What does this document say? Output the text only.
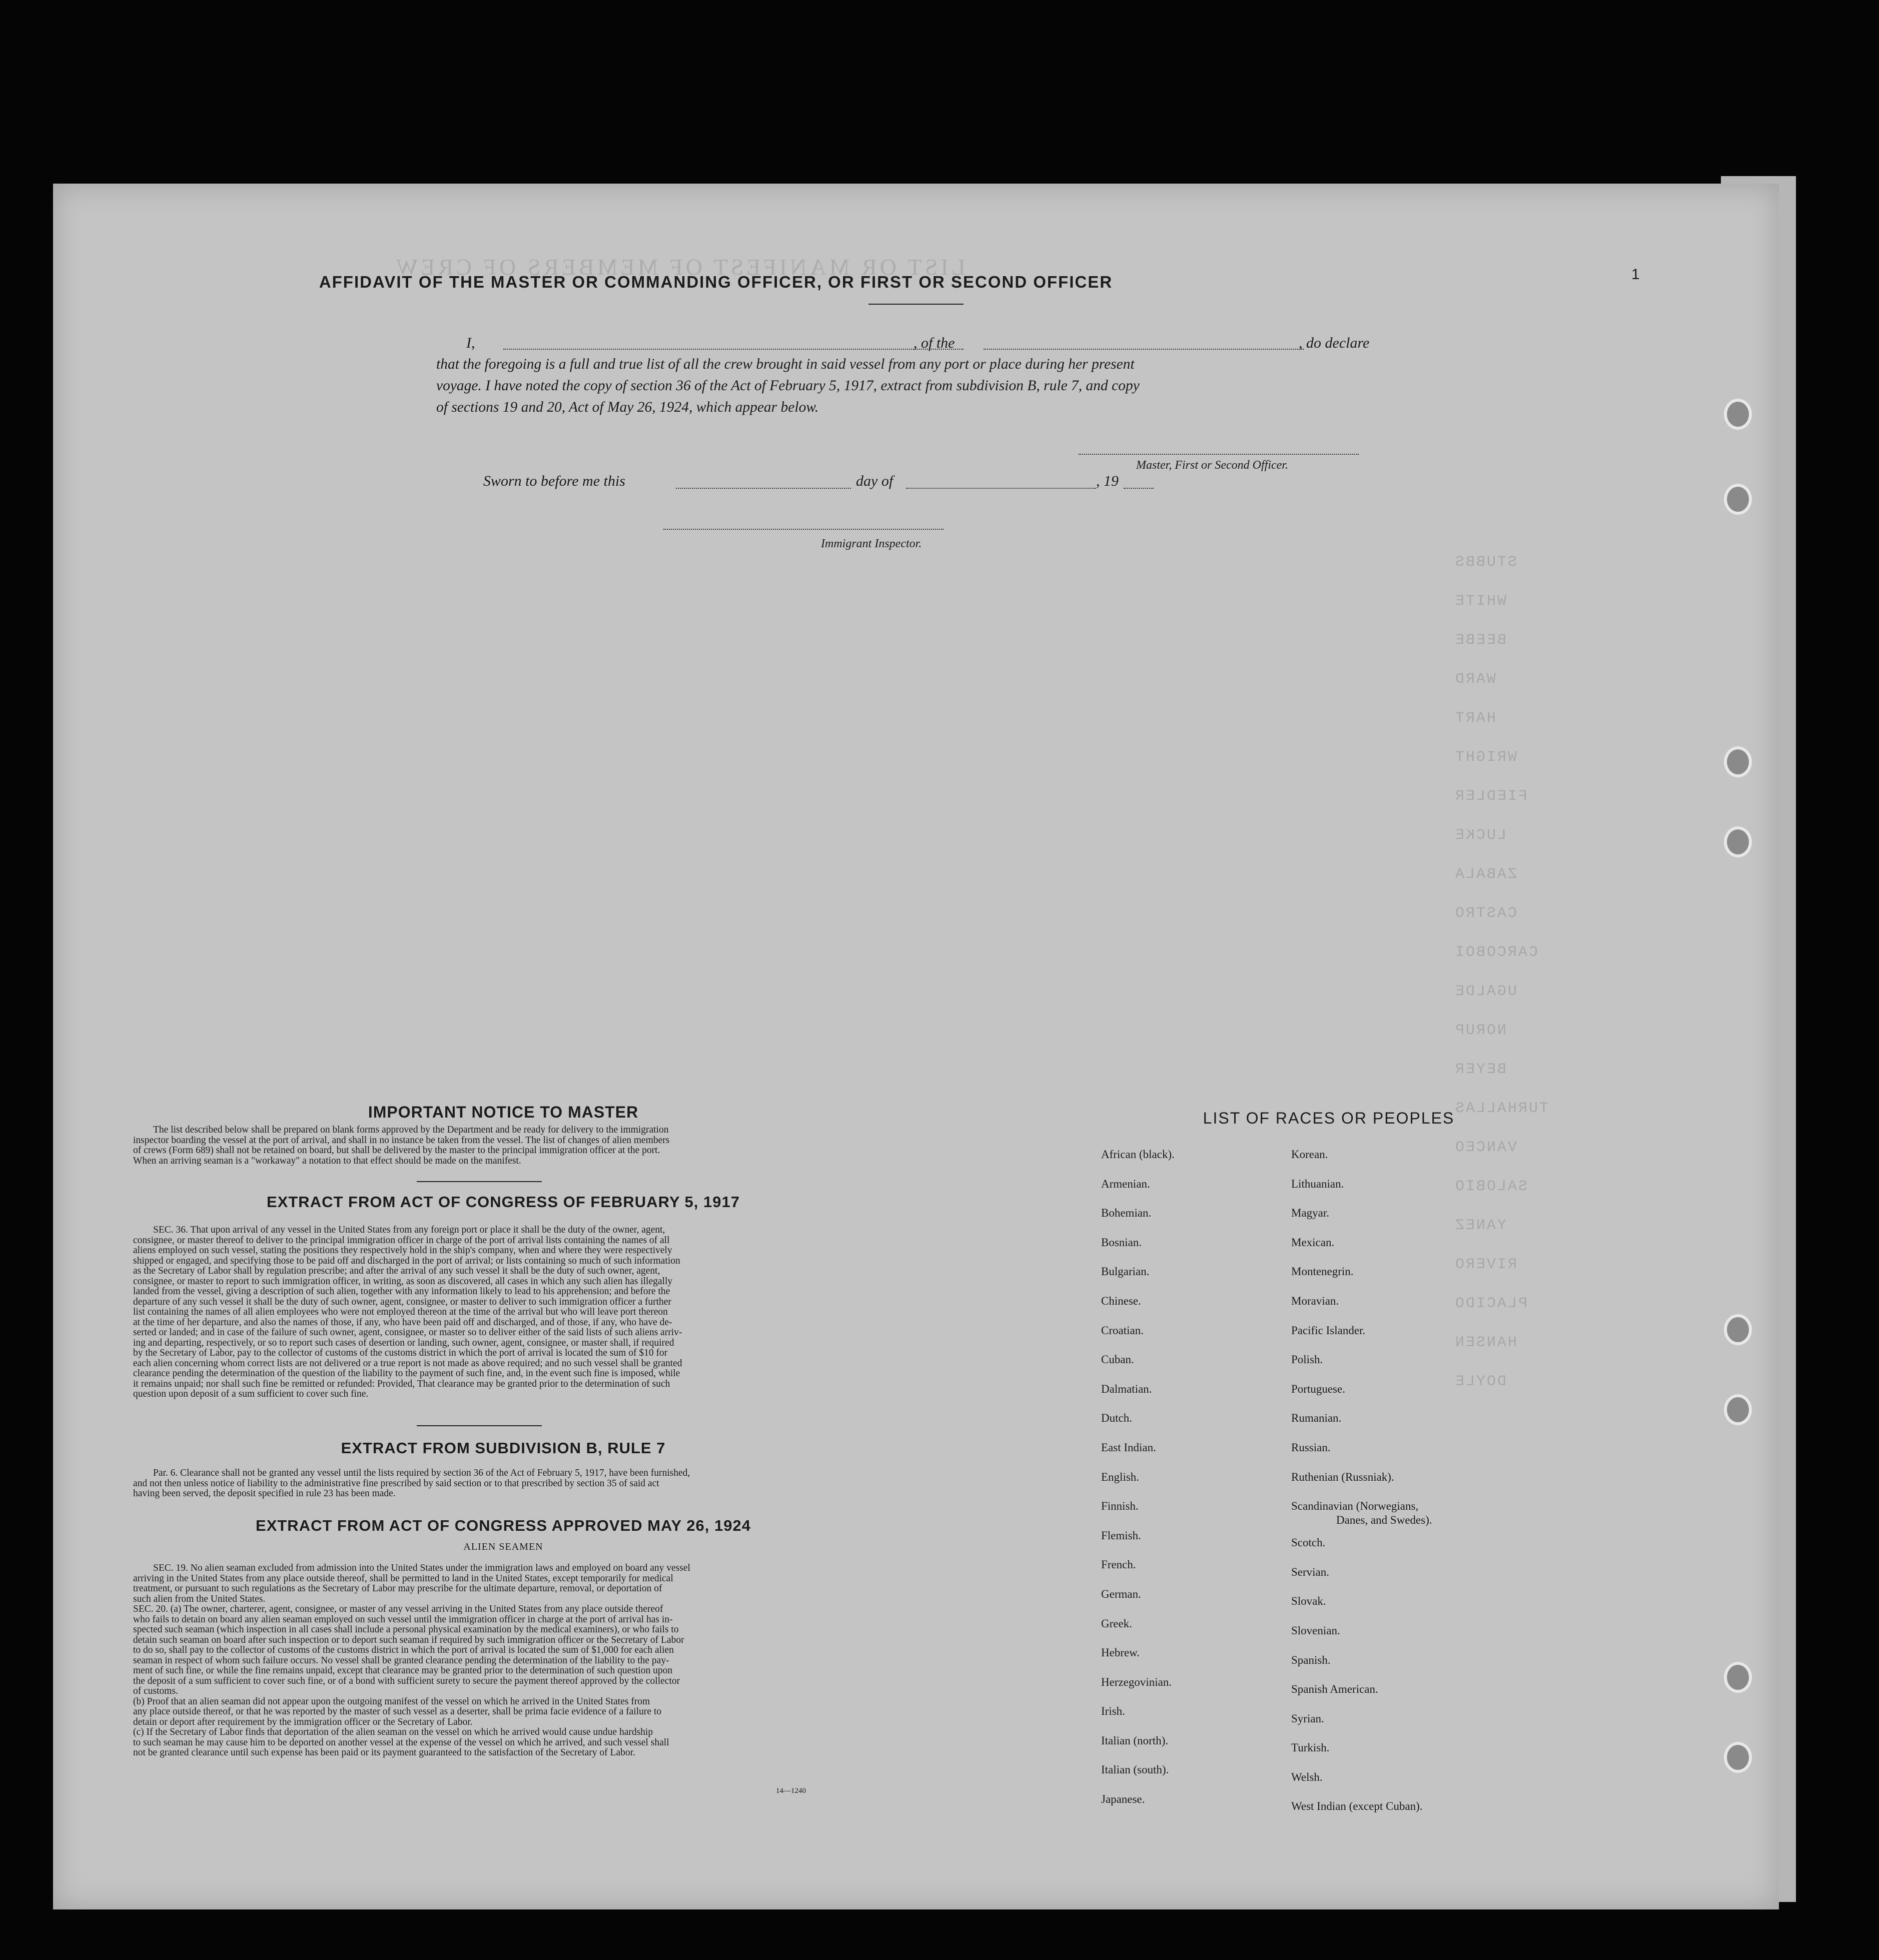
LIST OR MANIFEST OF MEMBERS OF CREW
STUBBS
WHITE
BEEBE
WARD
HART
WRIGHT
FIEDLER
LUCKE
ZABALA
CASTRO
CARCOBOI
UGALDE
NORUP
BEYER
TURHALLAS
VANCEO
SALOBIO
YANEZ
RIVERO
PLACIDO
HANSEN
DOYLE
1
AFFIDAVIT OF THE MASTER OR COMMANDING OFFICER, OR FIRST OR SECOND OFFICER
I,	, of the	, do declare
that the foregoing is a full and true list of all the crew brought in said vessel from any port or place during her present
voyage. I have noted the copy of section 36 of the Act of February 5, 1917, extract from subdivision B, rule 7, and copy
of sections 19 and 20, Act of May 26, 1924, which appear below.
Master, First or Second Officer.
Sworn to before me this	day of	, 19
Immigrant Inspector.
IMPORTANT NOTICE TO MASTER
The list described below shall be prepared on blank forms approved by the Department and be ready for delivery to the immigration
inspector boarding the vessel at the port of arrival, and shall in no instance be taken from the vessel. The list of changes of alien members
of crews (Form 689) shall not be retained on board, but shall be delivered by the master to the principal immigration officer at the port.
When an arriving seaman is a "workaway" a notation to that effect should be made on the manifest.
EXTRACT FROM ACT OF CONGRESS OF FEBRUARY 5, 1917
SEC. 36. That upon arrival of any vessel in the United States from any foreign port or place it shall be the duty of the owner, agent,
consignee, or master thereof to deliver to the principal immigration officer in charge of the port of arrival lists containing the names of all
aliens employed on such vessel, stating the positions they respectively hold in the ship's company, when and where they were respectively
shipped or engaged, and specifying those to be paid off and discharged in the port of arrival; or lists containing so much of such information
as the Secretary of Labor shall by regulation prescribe; and after the arrival of any such vessel it shall be the duty of such owner, agent,
consignee, or master to report to such immigration officer, in writing, as soon as discovered, all cases in which any such alien has illegally
landed from the vessel, giving a description of such alien, together with any information likely to lead to his apprehension; and before the
departure of any such vessel it shall be the duty of such owner, agent, consignee, or master to deliver to such immigration officer a further
list containing the names of all alien employees who were not employed thereon at the time of the arrival but who will leave port thereon
at the time of her departure, and also the names of those, if any, who have been paid off and discharged, and of those, if any, who have de-
serted or landed; and in case of the failure of such owner, agent, consignee, or master so to deliver either of the said lists of such aliens arriv-
ing and departing, respectively, or so to report such cases of desertion or landing, such owner, agent, consignee, or master shall, if required
by the Secretary of Labor, pay to the collector of customs of the customs district in which the port of arrival is located the sum of $10 for
each alien concerning whom correct lists are not delivered or a true report is not made as above required; and no such vessel shall be granted
clearance pending the determination of the question of the liability to the payment of such fine, and, in the event such fine is imposed, while
it remains unpaid; nor shall such fine be remitted or refunded: Provided, That clearance may be granted prior to the determination of such
question upon deposit of a sum sufficient to cover such fine.
EXTRACT FROM SUBDIVISION B, RULE 7
Par. 6. Clearance shall not be granted any vessel until the lists required by section 36 of the Act of February 5, 1917, have been furnished,
and not then unless notice of liability to the administrative fine prescribed by said section or to that prescribed by section 35 of said act
having been served, the deposit specified in rule 23 has been made.
EXTRACT FROM ACT OF CONGRESS APPROVED MAY 26, 1924
ALIEN SEAMEN
SEC. 19. No alien seaman excluded from admission into the United States under the immigration laws and employed on board any vessel
arriving in the United States from any place outside thereof, shall be permitted to land in the United States, except temporarily for medical
treatment, or pursuant to such regulations as the Secretary of Labor may prescribe for the ultimate departure, removal, or deportation of
such alien from the United States.
SEC. 20. (a) The owner, charterer, agent, consignee, or master of any vessel arriving in the United States from any place outside thereof
who fails to detain on board any alien seaman employed on such vessel until the immigration officer in charge at the port of arrival has in-
spected such seaman (which inspection in all cases shall include a personal physical examination by the medical examiners), or who fails to
detain such seaman on board after such inspection or to deport such seaman if required by such immigration officer or the Secretary of Labor
to do so, shall pay to the collector of customs of the customs district in which the port of arrival is located the sum of $1,000 for each alien
seaman in respect of whom such failure occurs. No vessel shall be granted clearance pending the determination of the liability to the pay-
ment of such fine, or while the fine remains unpaid, except that clearance may be granted prior to the determination of such question upon
the deposit of a sum sufficient to cover such fine, or of a bond with sufficient surety to secure the payment thereof approved by the collector
of customs.
(b) Proof that an alien seaman did not appear upon the outgoing manifest of the vessel on which he arrived in the United States from
any place outside thereof, or that he was reported by the master of such vessel as a deserter, shall be prima facie evidence of a failure to
detain or deport after requirement by the immigration officer or the Secretary of Labor.
(c) If the Secretary of Labor finds that deportation of the alien seaman on the vessel on which he arrived would cause undue hardship
to such seaman he may cause him to be deported on another vessel at the expense of the vessel on which he arrived, and such vessel shall
not be granted clearance until such expense has been paid or its payment guaranteed to the satisfaction of the Secretary of Labor.
14—1240
LIST OF RACES OR PEOPLES
African (black).
Armenian.
Bohemian.
Bosnian.
Bulgarian.
Chinese.
Croatian.
Cuban.
Dalmatian.
Dutch.
East Indian.
English.
Finnish.
Flemish.
French.
German.
Greek.
Hebrew.
Herzegovinian.
Irish.
Italian (north).
Italian (south).
Japanese.
Korean.
Lithuanian.
Magyar.
Mexican.
Montenegrin.
Moravian.
Pacific Islander.
Polish.
Portuguese.
Rumanian.
Russian.
Ruthenian (Russniak).
Scandinavian (Norwegians,
Danes, and Swedes).
Scotch.
Servian.
Slovak.
Slovenian.
Spanish.
Spanish American.
Syrian.
Turkish.
Welsh.
West Indian (except Cuban).
